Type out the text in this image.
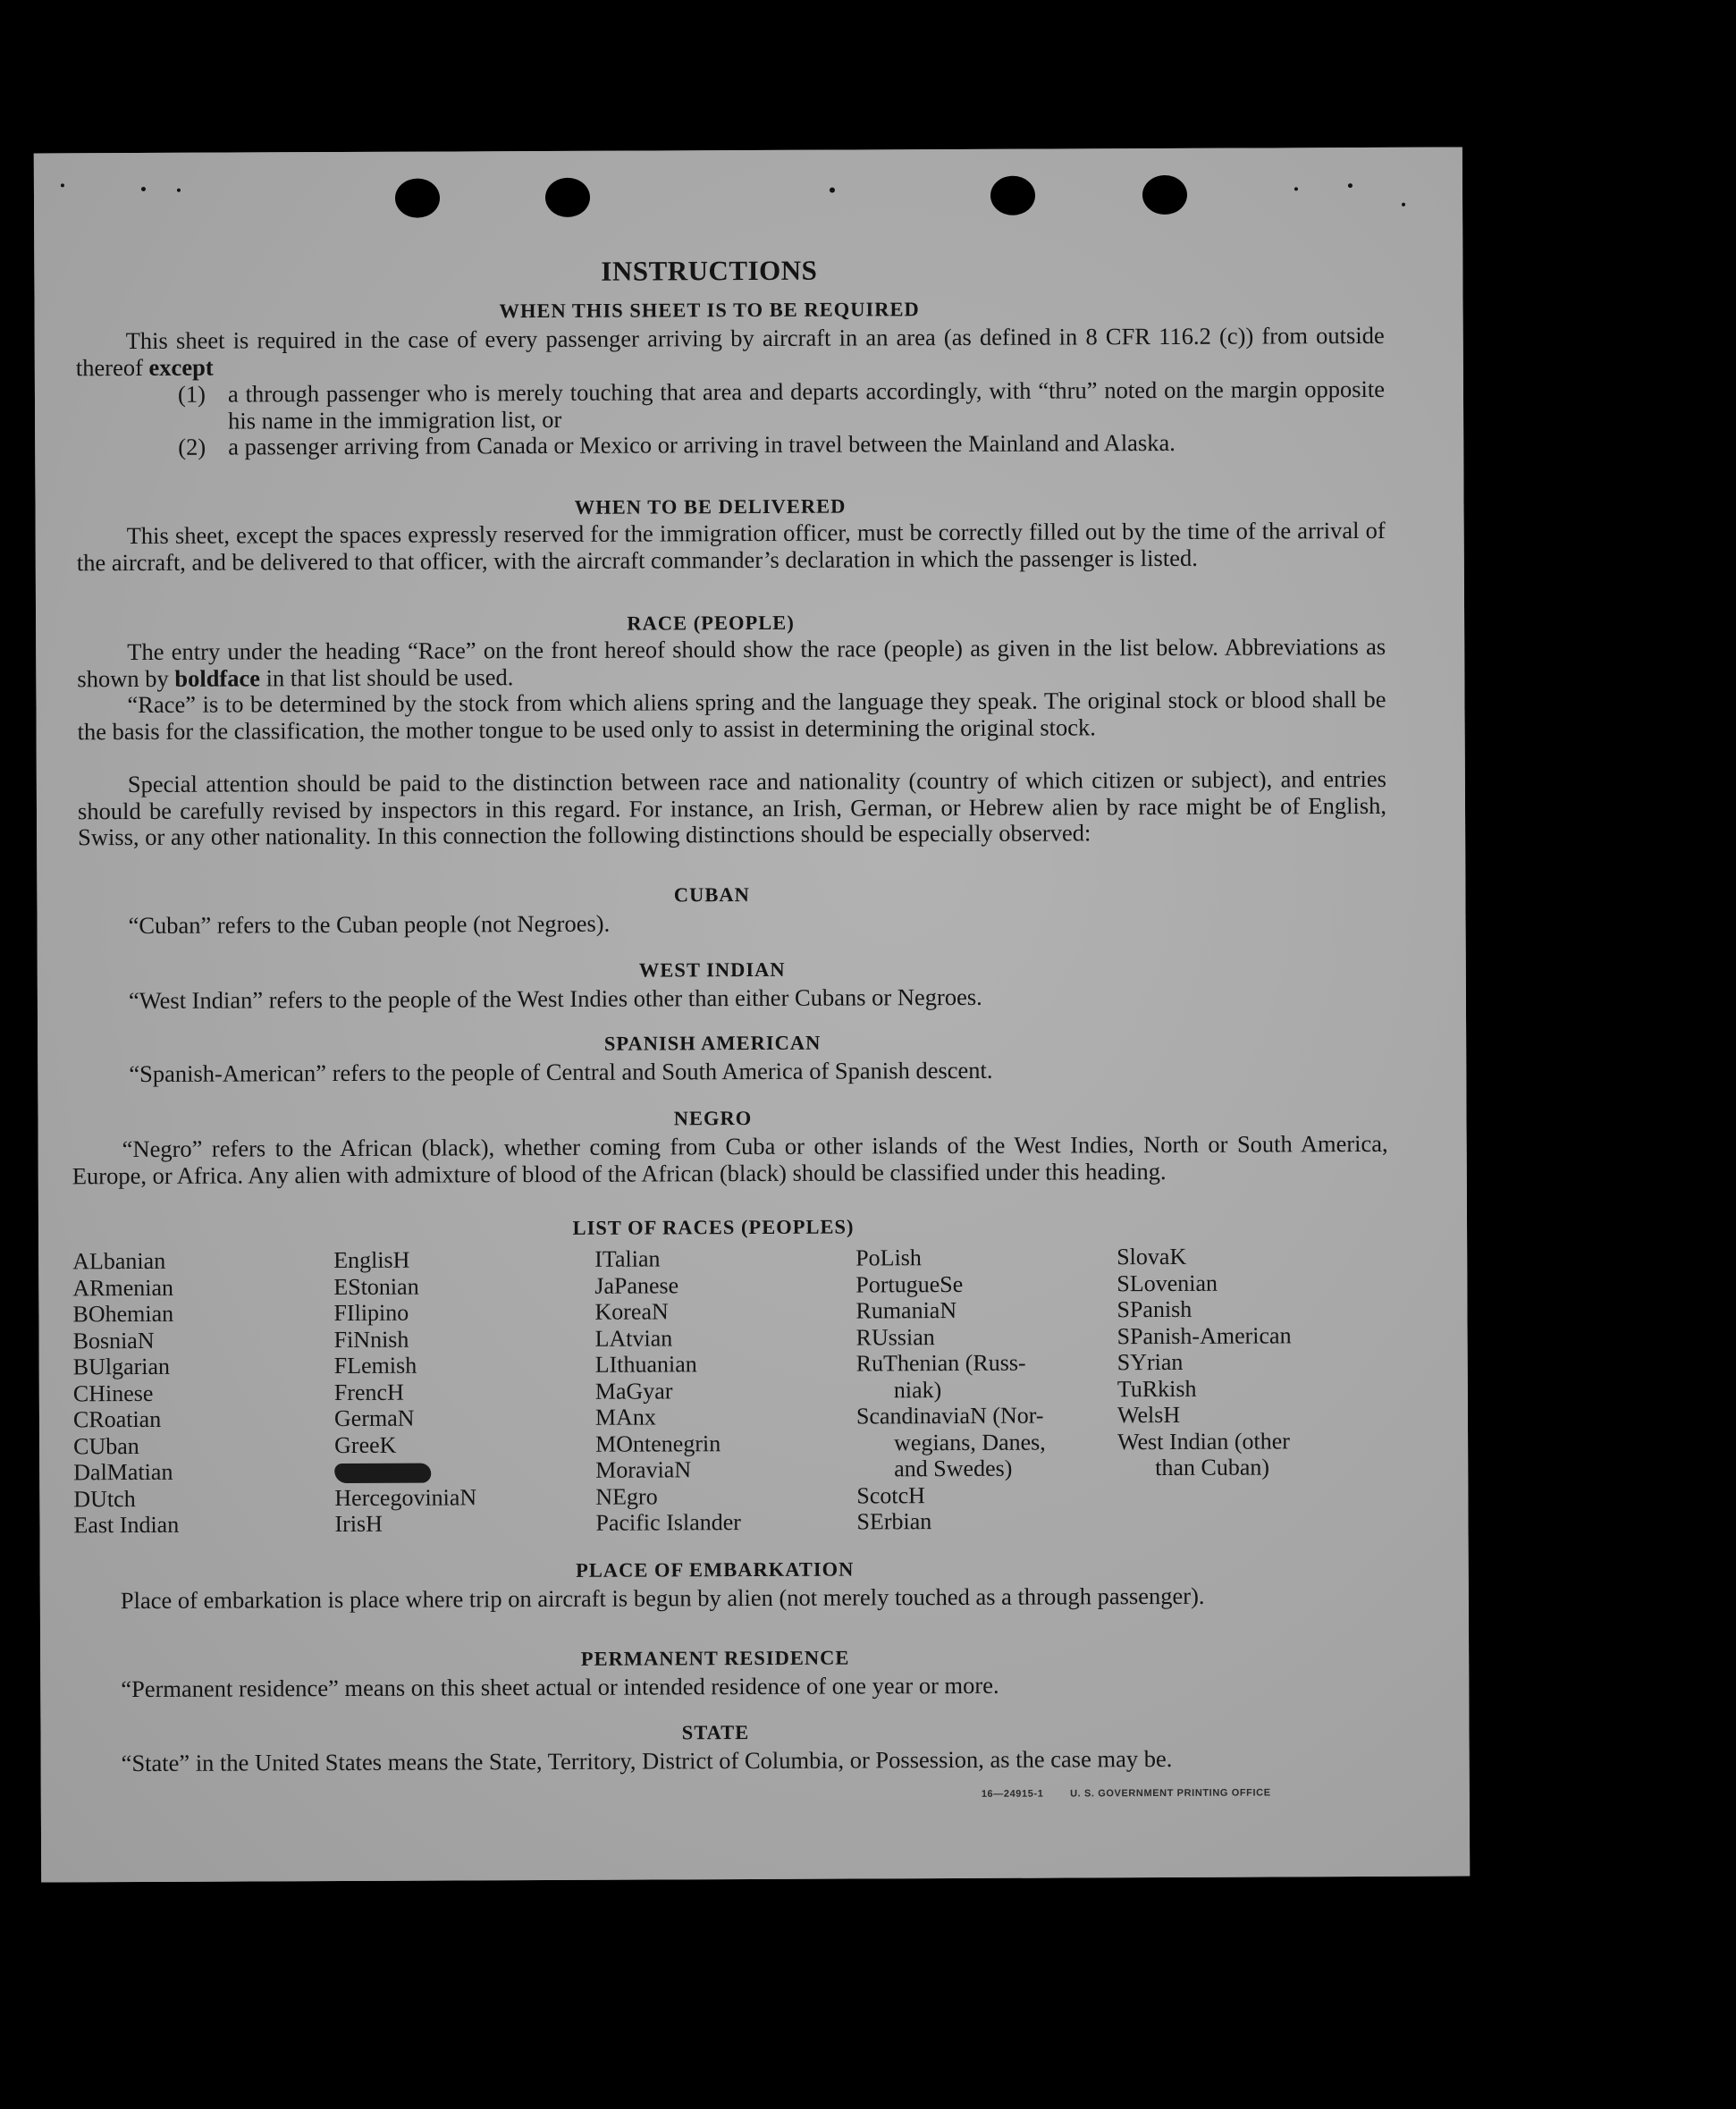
INSTRUCTIONS
WHEN THIS SHEET IS TO BE REQUIRED
This sheet is required in the case of every passenger arriving by aircraft in an area (as defined in 8 CFR 116.2 (c)) from outside thereof except
(1) a through passenger who is merely touching that area and departs accordingly, with “thru” noted on the margin opposite his name in the immigration list, or
(2) a passenger arriving from Canada or Mexico or arriving in travel between the Mainland and Alaska.
WHEN TO BE DELIVERED
This sheet, except the spaces expressly reserved for the immigration officer, must be correctly filled out by the time of the arrival of the aircraft, and be delivered to that officer, with the aircraft commander’s declaration in which the passenger is listed.
RACE (PEOPLE)
The entry under the heading “Race” on the front hereof should show the race (people) as given in the list below. Abbreviations as shown by boldface in that list should be used.
“Race” is to be determined by the stock from which aliens spring and the language they speak. The original stock or blood shall be the basis for the classification, the mother tongue to be used only to assist in determining the original stock.
Special attention should be paid to the distinction between race and nationality (country of which citizen or subject), and entries should be carefully revised by inspectors in this regard. For instance, an Irish, German, or Hebrew alien by race might be of English, Swiss, or any other nationality. In this connection the following distinctions should be especially observed:
CUBAN
“Cuban” refers to the Cuban people (not Negroes).
WEST INDIAN
“West Indian” refers to the people of the West Indies other than either Cubans or Negroes.
SPANISH AMERICAN
“Spanish-American” refers to the people of Central and South America of Spanish descent.
NEGRO
“Negro” refers to the African (black), whether coming from Cuba or other islands of the West Indies, North or South America, Europe, or Africa. Any alien with admixture of blood of the African (black) should be classified under this heading.
LIST OF RACES (PEOPLES)
ALbanian
ARmenian
BOhemian
BosniaN
BUlgarian
CHinese
CRoatian
CUban
DalMatian
DUtch
East Indian
EnglisH
EStonian
FIlipino
FiNnish
FLemish
FrencH
GermaN
GreeK
HercegoviniaN
IrisH
ITalian
JaPanese
KoreaN
LAtvian
LIthuanian
MaGyar
MAnx
MOntenegrin
MoraviaN
NEgro
Pacific Islander
PoLish
PortugueSe
RumaniaN
RUssian
RuThenian (Russ-
niak)
ScandinaviaN (Nor-
wegians, Danes,
and Swedes)
ScotcH
SErbian
SlovaK
SLovenian
SPanish
SPanish-American
SYrian
TuRkish
WelsH
West Indian (other
than Cuban)
PLACE OF EMBARKATION
Place of embarkation is place where trip on aircraft is begun by alien (not merely touched as a through passenger).
PERMANENT RESIDENCE
“Permanent residence” means on this sheet actual or intended residence of one year or more.
STATE
“State” in the United States means the State, Territory, District of Columbia, or Possession, as the case may be.
16—24915-1	U. S. GOVERNMENT PRINTING OFFICE
